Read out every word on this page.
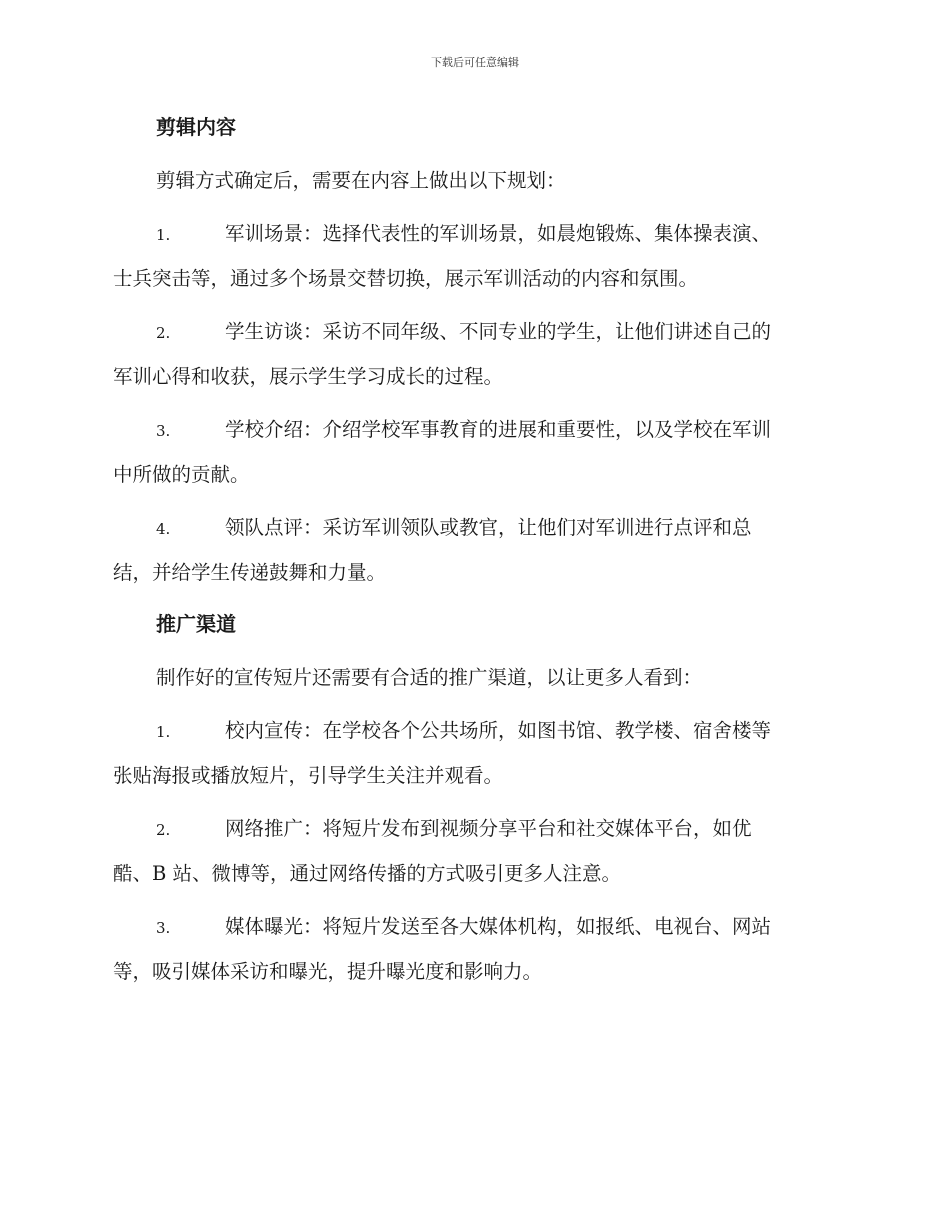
下载后可任意编辑
剪辑内容

剪辑方式确定后，需要在内容上做出以下规划：

1.	军训场景：选择代表性的军训场景，如晨炮锻炼、集体操表演、
士兵突击等，通过多个场景交替切换，展示军训活动的内容和氛围。
2.	学生访谈：采访不同年级、不同专业的学生，让他们讲述自己的
军训心得和收获，展示学生学习成长的过程。
3.	学校介绍：介绍学校军事教育的进展和重要性，以及学校在军训
中所做的贡献。
4.	领队点评：采访军训领队或教官，让他们对军训进行点评和总
结，并给学生传递鼓舞和力量。
推广渠道

制作好的宣传短片还需要有合适的推广渠道，以让更多人看到：

1.	校内宣传：在学校各个公共场所，如图书馆、教学楼、宿舍楼等
张贴海报或播放短片，引导学生关注并观看。
2.	网络推广：将短片发布到视频分享平台和社交媒体平台，如优
酷、B 站、微博等，通过网络传播的方式吸引更多人注意。
3.	媒体曝光：将短片发送至各大媒体机构，如报纸、电视台、网站
等，吸引媒体采访和曝光，提升曝光度和影响力。
